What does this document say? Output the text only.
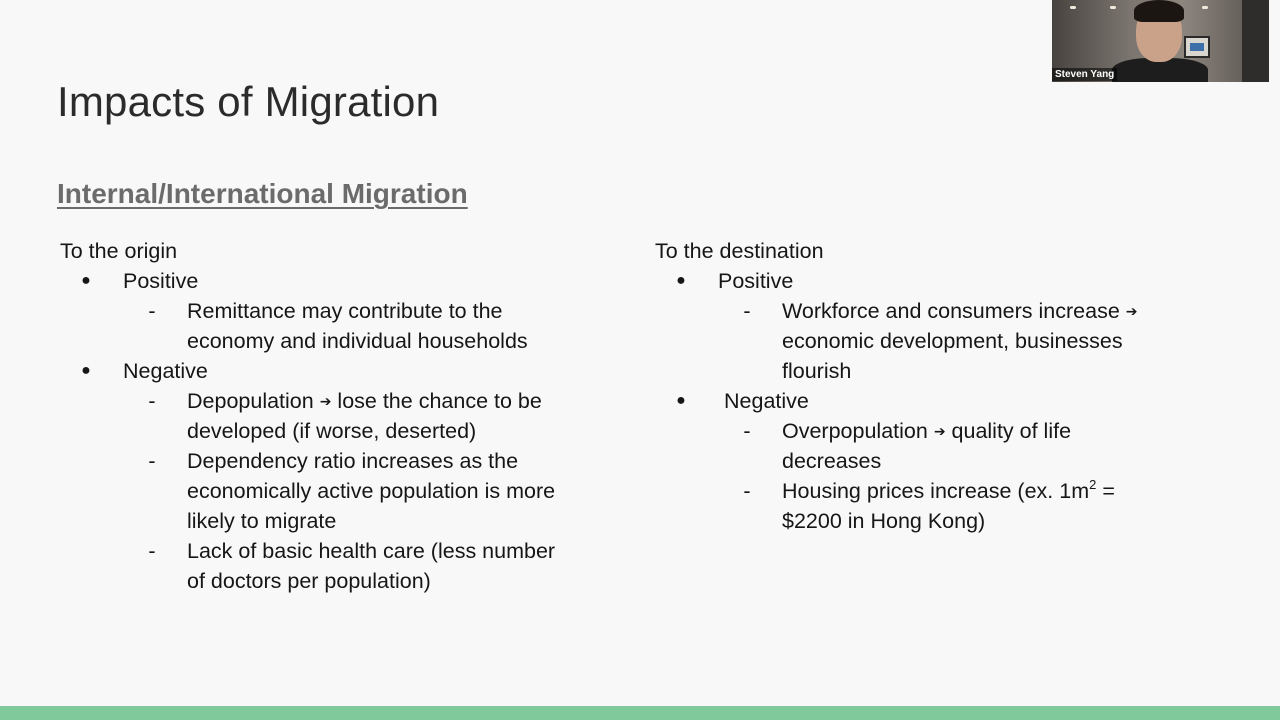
Impacts of Migration
Internal/International Migration
To the origin
●
Positive
-
Remittance may contribute to the
economy and individual households
●
Negative
-
Depopulation ➔ lose the chance to be
developed (if worse, deserted)
-
Dependency ratio increases as the
economically active population is more
likely to migrate
-
Lack of basic health care (less number
of doctors per population)
To the destination
●
Positive
-
Workforce and consumers increase ➔
economic development, businesses
flourish
●
Negative
-
Overpopulation ➔ quality of life
decreases
-
Housing prices increase (ex. $1m^2$ =
$2200 in Hong Kong)
Steven Yang
